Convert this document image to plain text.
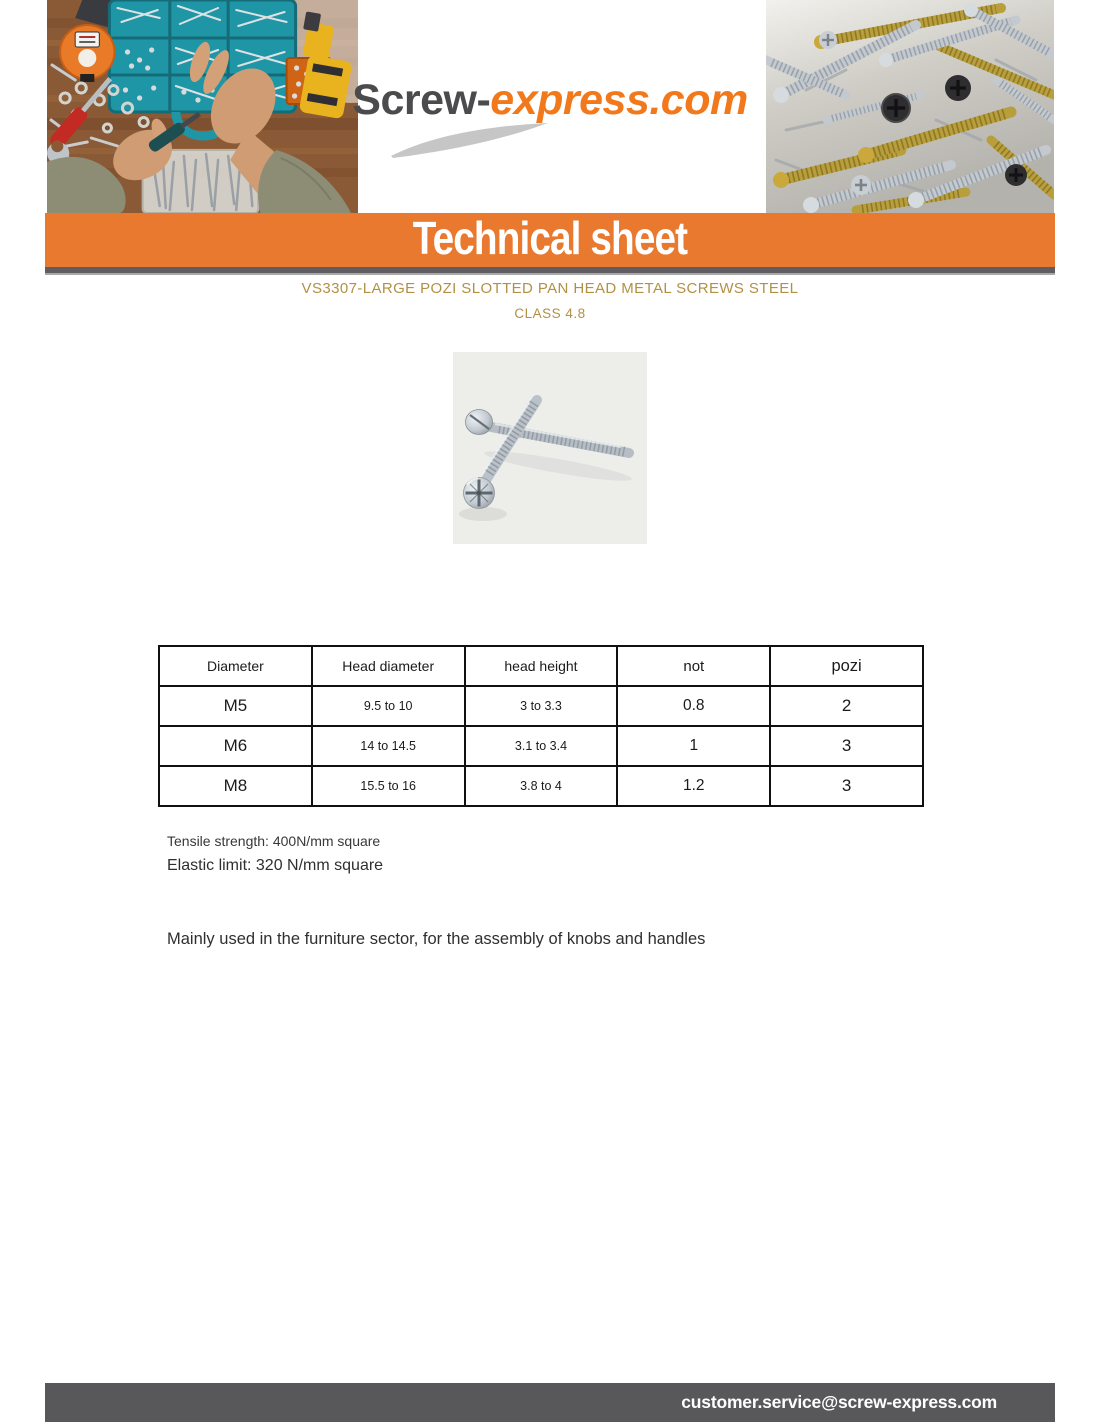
Screw-express.com
Technical sheet
VS3307-LARGE POZI SLOTTED PAN HEAD METAL SCREWS STEEL
CLASS 4.8
Diameter	Head diameter	head height	not	pozi
M5	9.5 to 10	3 to 3.3	0.8	2
M6	14 to 14.5	3.1 to 3.4	1	3
M8	15.5 to 16	3.8 to 4	1.2	3
Tensile strength: 400N/mm square
Elastic limit: 320 N/mm square
Mainly used in the furniture sector, for the assembly of knobs and handles
customer.service@screw-express.com
